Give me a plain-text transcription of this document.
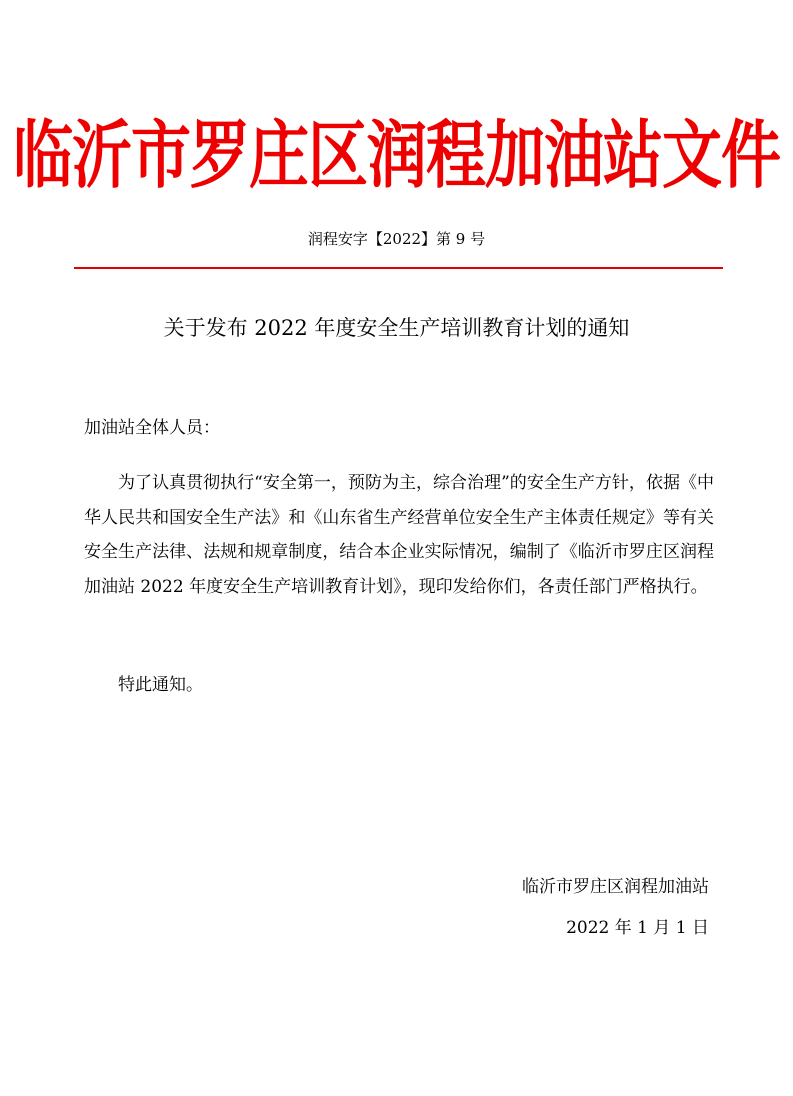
临沂市罗庄区润程加油站文件
润程安字【2022】第 9 号
关于发布 2022 年度安全生产培训教育计划的通知
加油站全体人员：
为了认真贯彻执行“安全第一，预防为主，综合治理”的安全生产方针，依据《中华人民共和国安全生产法》和《山东省生产经营单位安全生产主体责任规定》等有关安全生产法律、法规和规章制度，结合本企业实际情况，编制了《临沂市罗庄区润程加油站 2022 年度安全生产培训教育计划》，现印发给你们，各责任部门严格执行。
特此通知。
临沂市罗庄区润程加油站
2022 年 1 月 1 日
